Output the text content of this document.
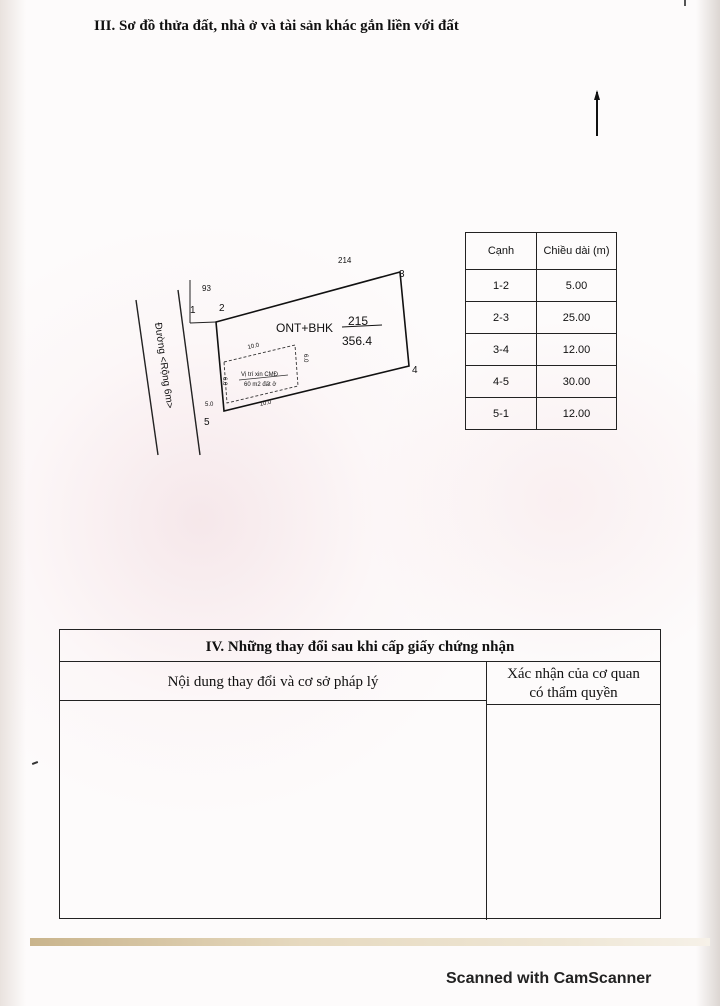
III. Sơ đồ thửa đất, nhà ở và tài sản khác gắn liền với đất
214
93
1 2
3
4
5
ONT+BHK 215
356.4
Đường <Rộng 6m>	Vị trí xin CMĐ
60 m2 đất ở
10.0
10.0
6.0
6.0
5.0
Cạnh	Chiều dài (m)
1-2	5.00
2-3	25.00
3-4	12.00
4-5	30.00
5-1	12.00
IV. Những thay đổi sau khi cấp giấy chứng nhận
Nội dung thay đổi và cơ sở pháp lý	Xác nhận của cơ quan
có thẩm quyền
Scanned with CamScanner
